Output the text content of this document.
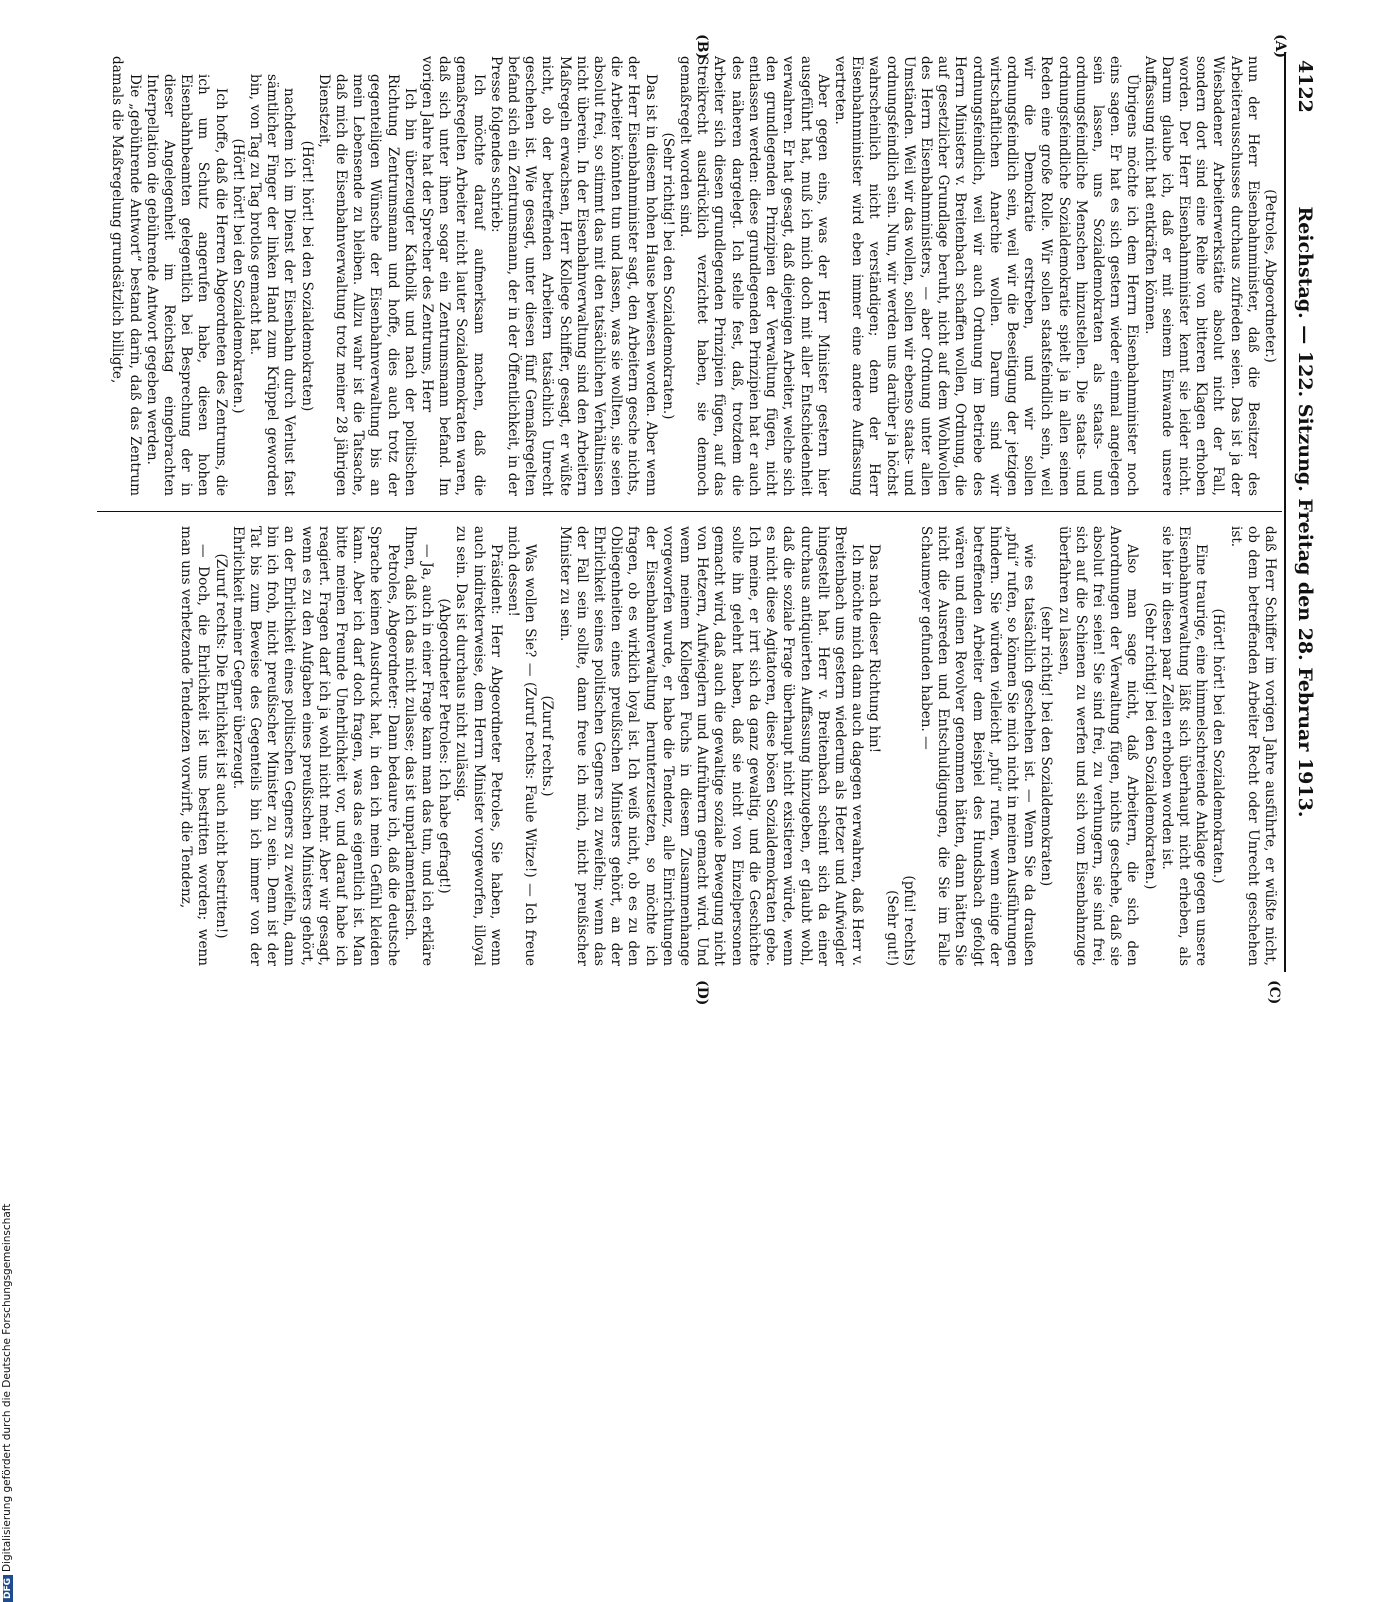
4122
Reichstag. — 122. Sitzung. Freitag den 28. Februar 1913.
(A)
(B)
(C)
(D)

(Petroles, Abgeordneter.)

nun der Herr Eisenbahnminister, daß die Besitzer des Arbeiterausschusses durchaus zufrieden seien. Das ist ja der Wiesbadener Arbeiterwerkstätte absolut nicht der Fall, sondern dort sind eine Reihe von bitteren Klagen erhoben worden. Der Herr Eisenbahnminister kennt sie leider nicht. Darum glaube ich, daß er mit seinem Einwande unsere Auffassung nicht hat entkräften können.

Übrigens möchte ich dem Herrn Eisenbahnminister noch eins sagen. Er hat es sich gestern wieder einmal angelegen sein lassen, uns Sozialdemokraten als staats- und ordnungsfeindliche Menschen hinzustellen. Die staats- und ordnungsfeindliche Sozialdemokratie spielt ja in allen seinen Reden eine große Rolle. Wir sollen staatsfeindlich sein, weil wir die Demokratie erstreben, und wir sollen ordnungsfeindlich sein, weil wir die Beseitigung der jetzigen wirtschaftlichen Anarchie wollen. Darum sind wir ordnungsfeindlich, weil wir auch Ordnung im Betriebe des Herrn Ministers v. Breitenbach schaffen wollen, Ordnung, die auf gesetzlicher Grundlage beruht, nicht auf dem Wohlwollen des Herrn Eisenbahnministers, — aber Ordnung unter allen Umständen. Weil wir das wollen, sollen wir ebenso staats- und ordnungsfeindlich sein. Nun, wir werden uns darüber ja höchst wahrscheinlich nicht verständigen; denn der Herr Eisenbahnminister wird eben immer eine andere Auffassung vertreten.

Aber gegen eins, was der Herr Minister gestern hier ausgeführt hat, muß ich mich doch mit aller Entschiedenheit verwahren. Er hat gesagt, daß diejenigen Arbeiter, welche sich den grundlegenden Prinzipien der Verwaltung fügen, nicht entlassen werden: diese grundlegenden Prinzipien hat er auch des näheren dargelegt. Ich stelle fest, daß, trotzdem die Arbeiter sich diesen grundlegenden Prinzipien fügen, auf das Streikrecht ausdrücklich verzichtet haben, sie dennoch gemaßregelt worden sind.

(Sehr richtig! bei den Sozialdemokraten.)

Das ist in diesem hohen Hause bewiesen worden. Aber wenn der Herr Eisenbahnminister sagt, den Arbeitern gesche nichts, die Arbeiter könnten tun und lassen, was sie wollten, sie seien absolut frei, so stimmt das mit den tatsächlichen Verhältnissen nicht überein. In der Eisenbahnverwaltung sind den Arbeitern Maßregeln erwachsen, Herr Kollege Schiffer, gesagt, er wüßte nicht, ob der betreffenden Arbeitern tatsächlich Unrecht geschehen ist. Wie gesagt, unter diesen fünf Gemaßregelten befand sich ein Zentrumsmann, der in der Öffentlichkeit, in der Presse folgendes schrieb:

Ich möchte darauf aufmerksam machen, daß die gemaßregelten Arbeiter nicht lauter Sozialdemokraten waren, daß sich unter ihnen sogar ein Zentrumsmann befand. Im vorigen Jahre hat der Sprecher des Zentrums, Herr

Ich bin überzeugter Katholik und nach der politischen Richtung Zentrumsmann und hoffe, dies auch trotz der gegenteiligen Wünsche der Eisenbahnverwaltung bis an mein Lebensende zu bleiben. Allzu wahr ist die Tatsache, daß mich die Eisenbahnverwaltung trotz meiner 28 jährigen Dienstzeit,

(Hört! hört! bei den Sozialdemokraten)

nachdem ich im Dienst der Eisenbahn durch Verlust fast sämtlicher Finger der linken Hand zum Krüppel geworden bin, von Tag zu Tag brotlos gemacht hat.

(Hört! hört! bei den Sozialdemokraten.)

Ich hoffe, daß die Herren Abgeordneten des Zentrums, die ich um Schutz angerufen habe, diesen hohen Eisenbahnbeamten gelegentlich bei Besprechung der in dieser Angelegenheit im Reichstag eingebrachten Interpellation die gebührende Antwort gegeben werden.

Die „gebührende Antwort“ bestand darin, daß das Zentrum damals die Maßregelung grundsätzlich billigte,

daß Herr Schiffer im vorigen Jahre ausführte, er wüßte nicht, ob dem betreffenden Arbeiter Recht oder Unrecht geschehen ist.

(Hört! hört! bei den Sozialdemokraten.)

Eine traurige, eine himmelschreiende Anklage gegen unsere Eisenbahnverwaltung läßt sich überhaupt nicht erheben, als sie hier in diesen paar Zeilen erhoben worden ist.

(Sehr richtig! bei den Sozialdemokraten.)

Also man sage nicht, daß Arbeitern, die sich den Anordnungen der Verwaltung fügen, nichts geschehe, daß sie absolut frei seien! Sie sind frei, zu verhungern, sie sind frei, sich auf die Schienen zu werfen und sich vom Eisenbahnzuge überfahren zu lassen,

(sehr richtig! bei den Sozialdemokraten)

wie es tatsächlich geschehen ist. — Wenn Sie da draußen „pfui“ rufen, so können Sie mich nicht in meinen Ausführungen hindern. Sie würden vielleicht „pfui“ rufen, wenn einige der betreffenden Arbeiter dem Beispiel des Hundsbach gefolgt wären und einen Revolver genommen hätten, dann hätten Sie nicht die Ausreden und Entschuldigungen, die Sie im Falle Schaumeyer gefunden haben. —

(pfui! rechts)

(Sehr gut!)

Das nach dieser Richtung hin!

Ich möchte mich dann auch dagegen verwahren, daß Herr v. Breitenbach uns gestern wiederum als Hetzer und Aufwiegler hingestellt hat. Herr v. Breitenbach scheint sich da einer durchaus antiquierten Auffassung hinzugeben, er glaubt wohl, daß die soziale Frage überhaupt nicht existieren würde, wenn es nicht diese Agitatoren, diese bösen Sozialdemokraten gebe. Ich meine, er irrt sich da ganz gewaltig, und die Geschichte sollte ihn gelehrt haben, daß sie nicht von Einzelpersonen gemacht wird, daß auch die gewaltige soziale Bewegung nicht von Hetzern, Aufwieglern und Aufrührern gemacht wird. Und wenn meinem Kollegen Fuchs in diesem Zusammenhange vorgeworfen wurde, er habe die Tendenz, alle Einrichtungen der Eisenbahnverwaltung herunterzusetzen, so möchte ich fragen, ob es wirklich loyal ist. Ich weiß nicht, ob es zu den Obliegenheiten eines preußischen Ministers gehört, an der Ehrlichkeit seines politischen Gegners zu zweifeln; wenn das der Fall sein sollte, dann freue ich mich, nicht preußischer Minister zu sein.

(Zuruf rechts.)

Was wollen Sie? — (Zuruf rechts: Faule Witze!) — Ich freue mich dessen!

Präsident: Herr Abgeordneter Petroles, Sie haben, wenn auch indirekterweise, dem Herrn Minister vorgeworfen, illoyal zu sein. Das ist durchaus nicht zulässig.

(Abgeordneter Petroles: Ich habe gefragt!)

— Ja, auch in einer Frage kann man das tun, und ich erkläre Ihnen, daß ich das nicht zulasse; das ist unparlamentarisch.

Petroles, Abgeordneter: Dann bedaure ich, daß die deutsche Sprache keinen Ausdruck hat, in den ich mein Gefühl kleiden kann. Aber ich darf doch fragen, was das eigentlich ist. Man bitte meinen Freunde Unehrlichkeit vor, und darauf habe ich reagiert. Fragen darf ich ja wohl nicht mehr. Aber wir gesagt, wenn es zu den Aufgaben eines preußischen Ministers gehört, an der Ehrlichkeit eines politischen Gegners zu zweifeln, dann bin ich froh, nicht preußischer Minister zu sein. Denn ist der Tat bis zum Beweise des Gegenteils bin ich immer von der Ehrlichkeit meiner Gegner überzeugt.

(Zuruf rechts: Die Ehrlichkeit ist auch nicht bestritten!)

— Doch, die Ehrlichkeit ist uns bestritten worden; wenn man uns verhetzende Tendenzen vorwirft, die Tendenz,

DFGDigitalisierung gefördert durch die Deutsche Forschungsgemeinschaft
